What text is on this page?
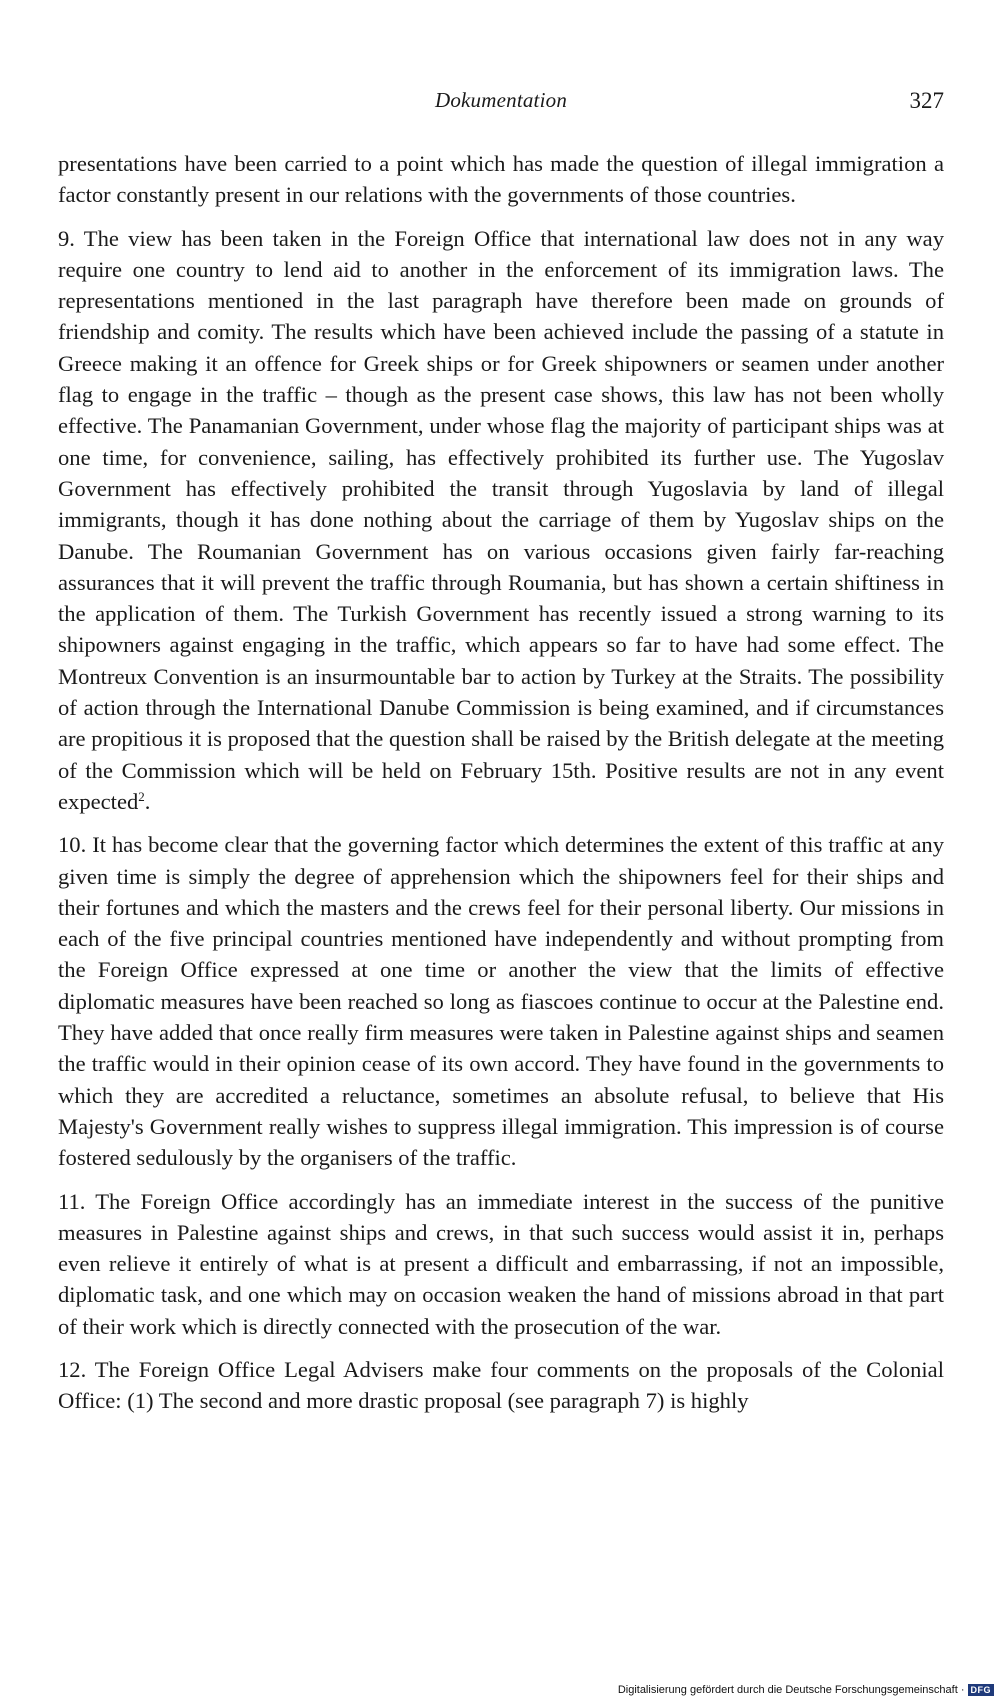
Dokumentation	327

presentations have been carried to a point which has made the question of illegal immigration a factor constantly present in our relations with the governments of those countries.

9. The view has been taken in the Foreign Office that international law does not in any way require one country to lend aid to another in the enforcement of its immigration laws. The representations mentioned in the last paragraph have therefore been made on grounds of friendship and comity. The results which have been achieved include the passing of a statute in Greece making it an offence for Greek ships or for Greek shipowners or seamen under another flag to engage in the traffic – though as the present case shows, this law has not been wholly effective. The Panamanian Government, under whose flag the majority of participant ships was at one time, for convenience, sailing, has effectively prohibited its further use. The Yugoslav Government has effectively prohibited the transit through Yugoslavia by land of illegal immigrants, though it has done nothing about the carriage of them by Yugoslav ships on the Danube. The Roumanian Government has on various occasions given fairly far-reaching assurances that it will prevent the traffic through Roumania, but has shown a certain shiftiness in the application of them. The Turkish Government has recently issued a strong warning to its shipowners against engaging in the traffic, which appears so far to have had some effect. The Montreux Convention is an insurmountable bar to action by Turkey at the Straits. The possibility of action through the International Danube Commission is being examined, and if circumstances are propitious it is proposed that the question shall be raised by the British delegate at the meeting of the Commission which will be held on February 15th. Positive results are not in any event expected$^2$.

10. It has become clear that the governing factor which determines the extent of this traffic at any given time is simply the degree of apprehension which the shipowners feel for their ships and their fortunes and which the masters and the crews feel for their personal liberty. Our missions in each of the five principal countries mentioned have independently and without prompting from the Foreign Office expressed at one time or another the view that the limits of effective diplomatic measures have been reached so long as fiascoes continue to occur at the Palestine end. They have added that once really firm measures were taken in Palestine against ships and seamen the traffic would in their opinion cease of its own accord. They have found in the governments to which they are accredited a reluctance, sometimes an absolute refusal, to believe that His Majesty's Government really wishes to suppress illegal immigration. This impression is of course fostered sedulously by the organisers of the traffic.

11. The Foreign Office accordingly has an immediate interest in the success of the punitive measures in Palestine against ships and crews, in that such success would assist it in, perhaps even relieve it entirely of what is at present a difficult and embarrassing, if not an impossible, diplomatic task, and one which may on occasion weaken the hand of missions abroad in that part of their work which is directly connected with the prosecution of the war.

12. The Foreign Office Legal Advisers make four comments on the proposals of the Colonial Office: (1) The second and more drastic proposal (see paragraph 7) is highly

Digitalisierung gefördert durch die Deutsche Forschungsgemeinschaft · DFG
